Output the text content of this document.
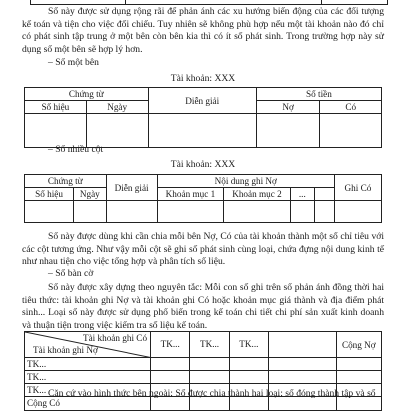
Sổ này được sử dụng rộng rãi để phản ánh các xu hướng biến động của các đối tượng kế toán và tiện cho việc đối chiếu. Tuy nhiên sẽ không phù hợp nếu một tài khoản nào đó chỉ có phát sinh tập trung ở một bên còn bên kia thì có ít số phát sinh. Trong trường hợp này sử dụng sổ một bên sẽ hợp lý hơn.

– Sổ một bên

Tài khoản: XXX

Chứng từ		Diễn giải	Số tiền	
Số hiệu	Ngày		Nợ	Có

– Sổ nhiều cột

Tài khoản: XXX

Chứng từ		Diễn giải	Nội dung ghi Nợ				Ghi Có
Số hiệu	Ngày		Khoản mục 1	Khoản mục 2	...		

Sổ này được dùng khi cần chia mỗi bên Nợ, Có của tài khoản thành một số chỉ tiêu với các cột tương ứng. Như vậy mỗi cột sẽ ghi số phát sinh cùng loại, chứa đựng nội dung kinh tế như nhau tiện cho việc tổng hợp và phân tích số liệu.

– Sổ bàn cờ

Sổ này được xây dựng theo nguyên tắc: Mỗi con số ghi trên sổ phản ánh đồng thời hai tiêu thức: tài khoản ghi Nợ và tài khoản ghi Có hoặc khoản mục giá thành và địa điểm phát sinh... Loại sổ này được sử dụng phổ biến trong kế toán chi tiết chi phí sản xuất kinh doanh và thuận tiện trong việc kiểm tra số liệu kế toán.

Tài khoản ghi Có
Tài khoản ghi Nợ	TK...	TK...	TK...		Cộng Nợ
TK...					
TK...					
TK...					
Cộng Có					

Căn cứ vào hình thức bên ngoài: Sổ được chia thành hai loại: sổ đóng thành tập và sổ
